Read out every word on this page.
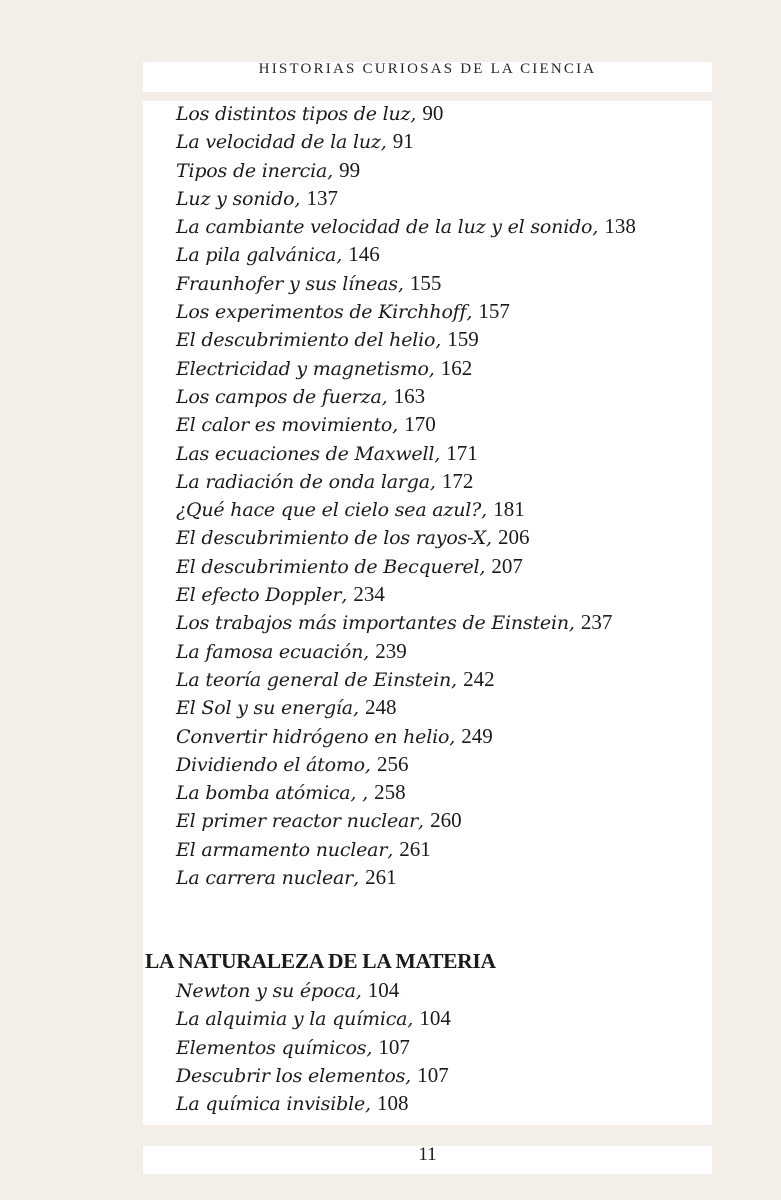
HISTORIAS CURIOSAS DE LA CIENCIA
Los distintos tipos de luz, 90
La velocidad de la luz, 91
Tipos de inercia, 99
Luz y sonido, 137
La cambiante velocidad de la luz y el sonido, 138
La pila galvánica, 146
Fraunhofer y sus líneas, 155
Los experimentos de Kirchhoff, 157
El descubrimiento del helio, 159
Electricidad y magnetismo, 162
Los campos de fuerza, 163
El calor es movimiento, 170
Las ecuaciones de Maxwell, 171
La radiación de onda larga, 172
¿Qué hace que el cielo sea azul?, 181
El descubrimiento de los rayos-X, 206
El descubrimiento de Becquerel, 207
El efecto Doppler, 234
Los trabajos más importantes de Einstein, 237
La famosa ecuación, 239
La teoría general de Einstein, 242
El Sol y su energía, 248
Convertir hidrógeno en helio, 249
Dividiendo el átomo, 256
La bomba atómica, , 258
El primer reactor nuclear, 260
El armamento nuclear, 261
La carrera nuclear, 261
LA NATURALEZA DE LA MATERIA
Newton y su época, 104
La alquimia y la química, 104
Elementos químicos, 107
Descubrir los elementos, 107
La química invisible, 108
11
